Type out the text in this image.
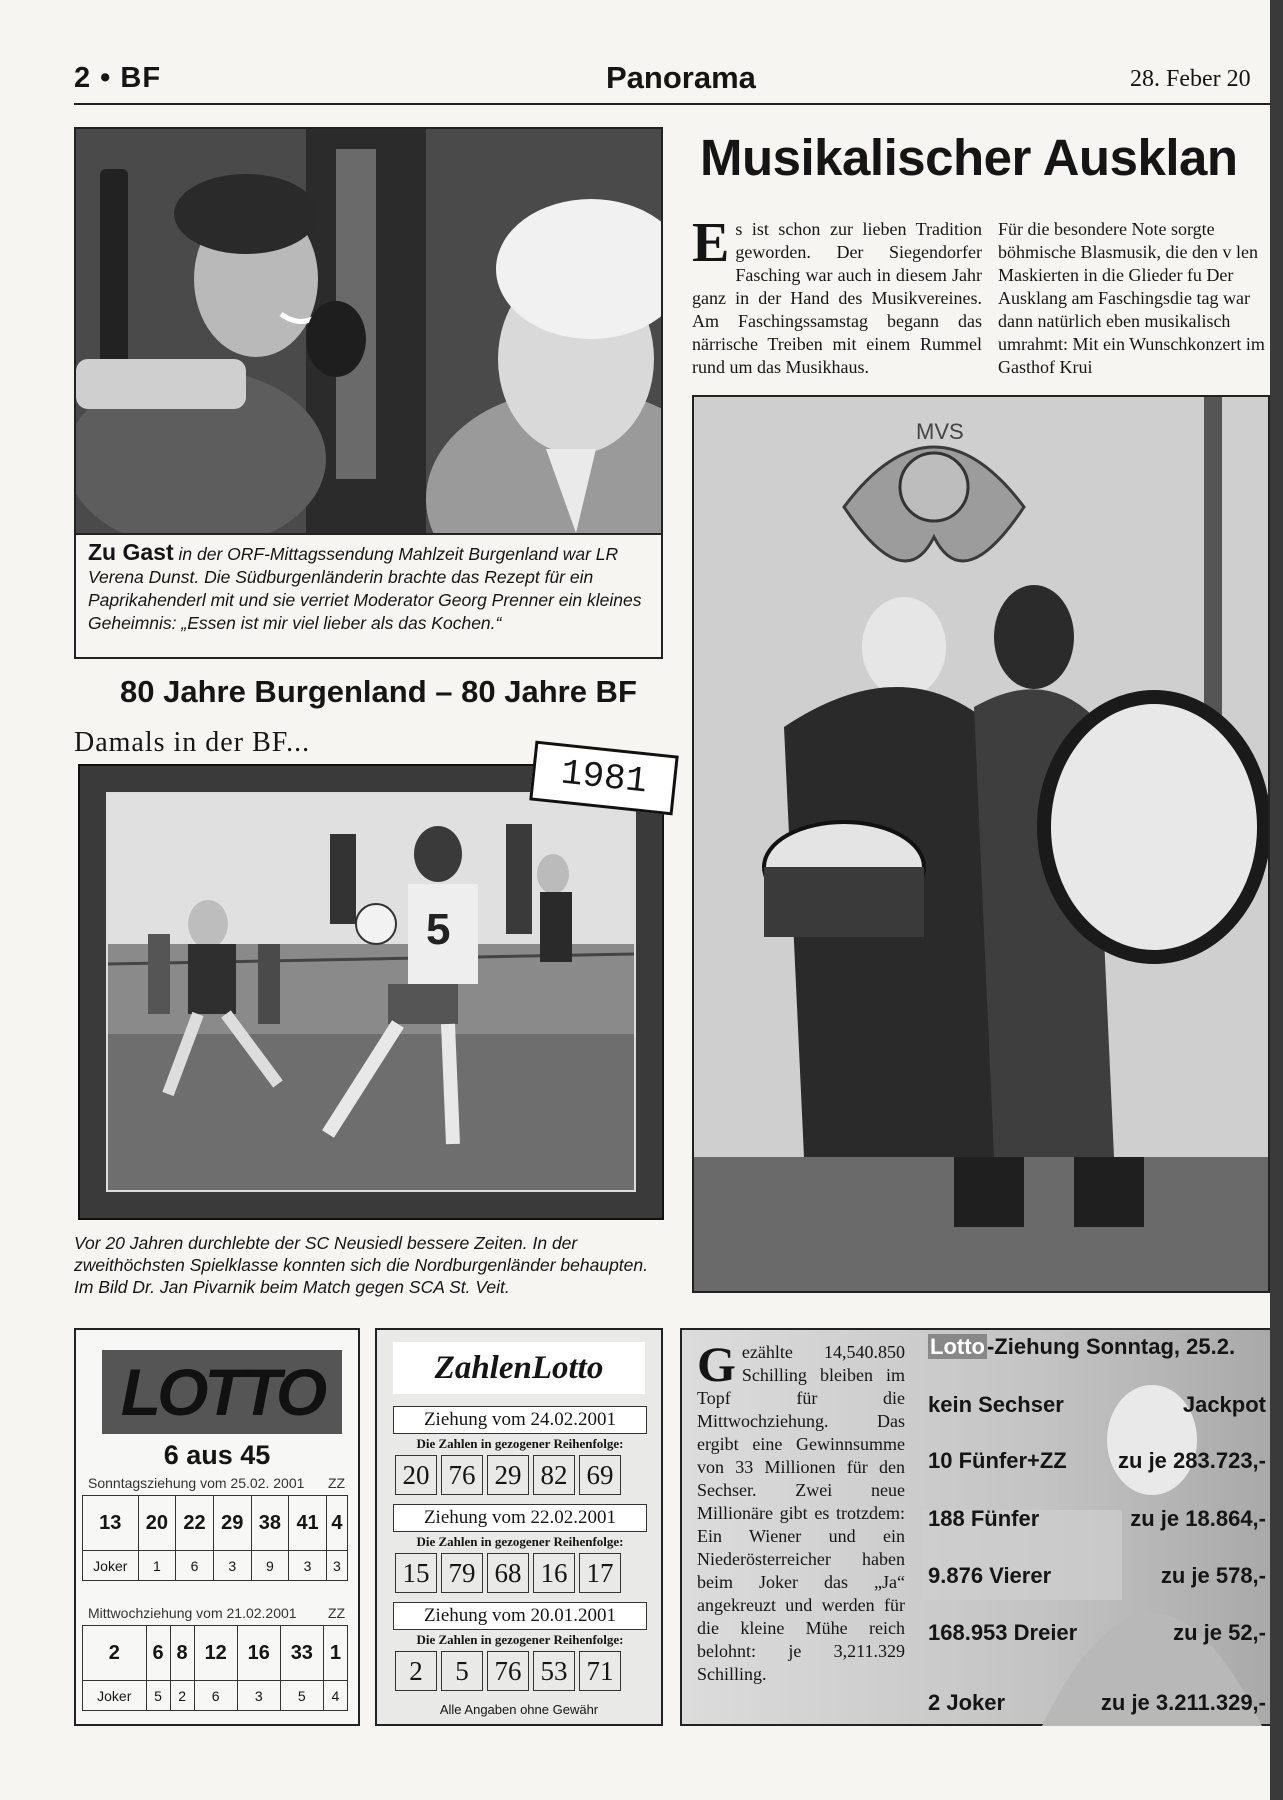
2 • BF	Panorama	28. Feber 20
Zu Gast in der ORF-Mittagssendung Mahlzeit Burgenland war LR Verena Dunst. Die Südburgenländerin brachte das Rezept für ein Paprikahenderl mit und sie verriet Moderator Georg Prenner ein kleines Geheimnis: „Essen ist mir viel lieber als das Kochen.“
Musikalischer Ausklan
E s ist schon zur lieben Tradition geworden. Der Siegendorfer Fasching war auch in diesem Jahr ganz in der Hand des Musikvereines. Am Faschingssamstag begann das närrische Treiben mit einem Rummel rund um das Musikhaus.
Für die besondere Note sorgte böhmische Blasmusik, die den v len Maskierten in die Glieder fu Der Ausklang am Faschingsdie tag war dann natürlich eben musikalisch umrahmt: Mit ein Wunschkonzert im Gasthof Krui
MVS
80 Jahre Burgenland – 80 Jahre BF
Damals in der BF...
5
1981
Vor 20 Jahren durchlebte der SC Neusiedl bessere Zeiten. In der zweithöchsten Spielklasse konnten sich die Nordburgenländer behaupten. Im Bild Dr. Jan Pivarnik beim Match gegen SCA St. Veit.
LOTTO
6 aus 45
Sonntagsziehung vom 25.02. 2001 ZZ
13	20	22	29	38	41	4
Joker	1	6	3	9	3	3
Mittwochziehung vom 21.02.2001 ZZ
2	6	8	12	16	33	1
Joker	5	2	6	3	5	4
ZahlenLotto
Ziehung vom 24.02.2001
Die Zahlen in gezogener Reihenfolge:
20 76 29 82 69
Ziehung vom 22.02.2001
Die Zahlen in gezogener Reihenfolge:
15 79 68 16 17
Ziehung vom 20.01.2001
Die Zahlen in gezogener Reihenfolge:
2 5 76 53 71
Alle Angaben ohne Gewähr
G ezählte 14,540.850 Schilling bleiben im Topf für die Mittwochziehung. Das ergibt eine Gewinnsumme von 33 Millionen für den Sechser. Zwei neue Millionäre gibt es trotzdem: Ein Wiener und ein Niederösterreicher haben beim Joker das „Ja“ angekreuzt und werden für die kleine Mühe reich belohnt: je 3,211.329 Schilling.
Lotto-Ziehung Sonntag, 25.2.
kein Sechser	Jackpot
10 Fünfer+ZZ zu je 283.723,-
188 Fünfer	zu je 18.864,-
9.876 Vierer	zu je 578,-
168.953 Dreier	zu je 52,-
2 Joker	zu je 3.211.329,-
